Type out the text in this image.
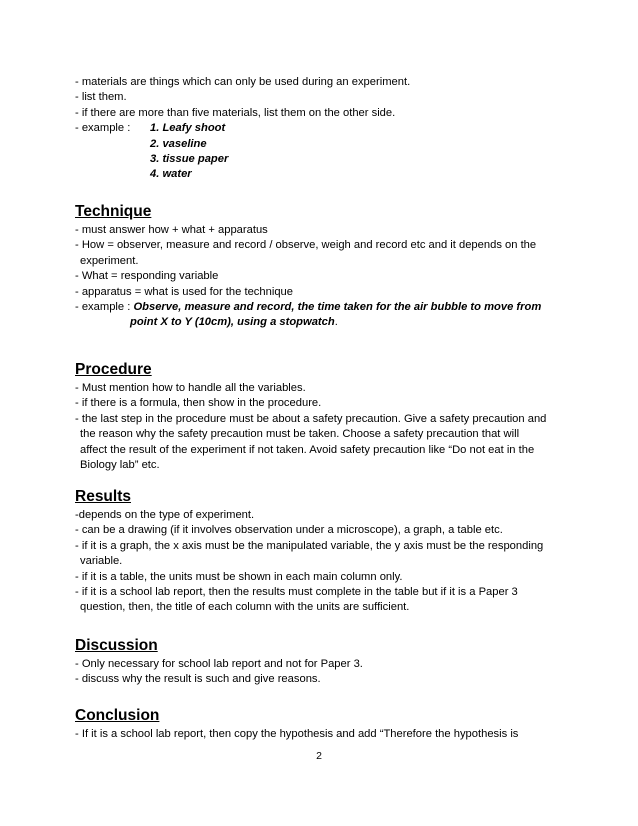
- materials are things which can only be used during an experiment.
- list them.
- if there are more than five materials, list them on the other side.
- example :	1. Leafy shoot
2. vaseline
3. tissue paper
4. water
Technique
- must answer how + what + apparatus
- How = observer, measure and record / observe, weigh and record etc and it depends on the
experiment.
- What = responding variable
- apparatus = what is used for the technique
- example : Observe, measure and record, the time taken for the air bubble to move from
point X to Y (10cm), using a stopwatch.
Procedure
- Must mention how to handle all the variables.
- if there is a formula, then show in the procedure.
- the last step in the procedure must be about a safety precaution. Give a safety precaution and
the reason why the safety precaution must be taken. Choose a safety precaution that will
affect the result of the experiment if not taken. Avoid safety precaution like “Do not eat in the
Biology lab” etc.
Results
-depends on the type of experiment.
- can be a drawing (if it involves observation under a microscope), a graph, a table etc.
- if it is a graph, the x axis must be the manipulated variable, the y axis must be the responding
variable.
- if it is a table, the units must be shown in each main column only.
- if it is a school lab report, then the results must complete in the table but if it is a Paper 3
question, then, the title of each column with the units are sufficient.
Discussion
- Only necessary for school lab report and not for Paper 3.
- discuss why the result is such and give reasons.
Conclusion
- If it is a school lab report, then copy the hypothesis and add “Therefore the hypothesis is
2
